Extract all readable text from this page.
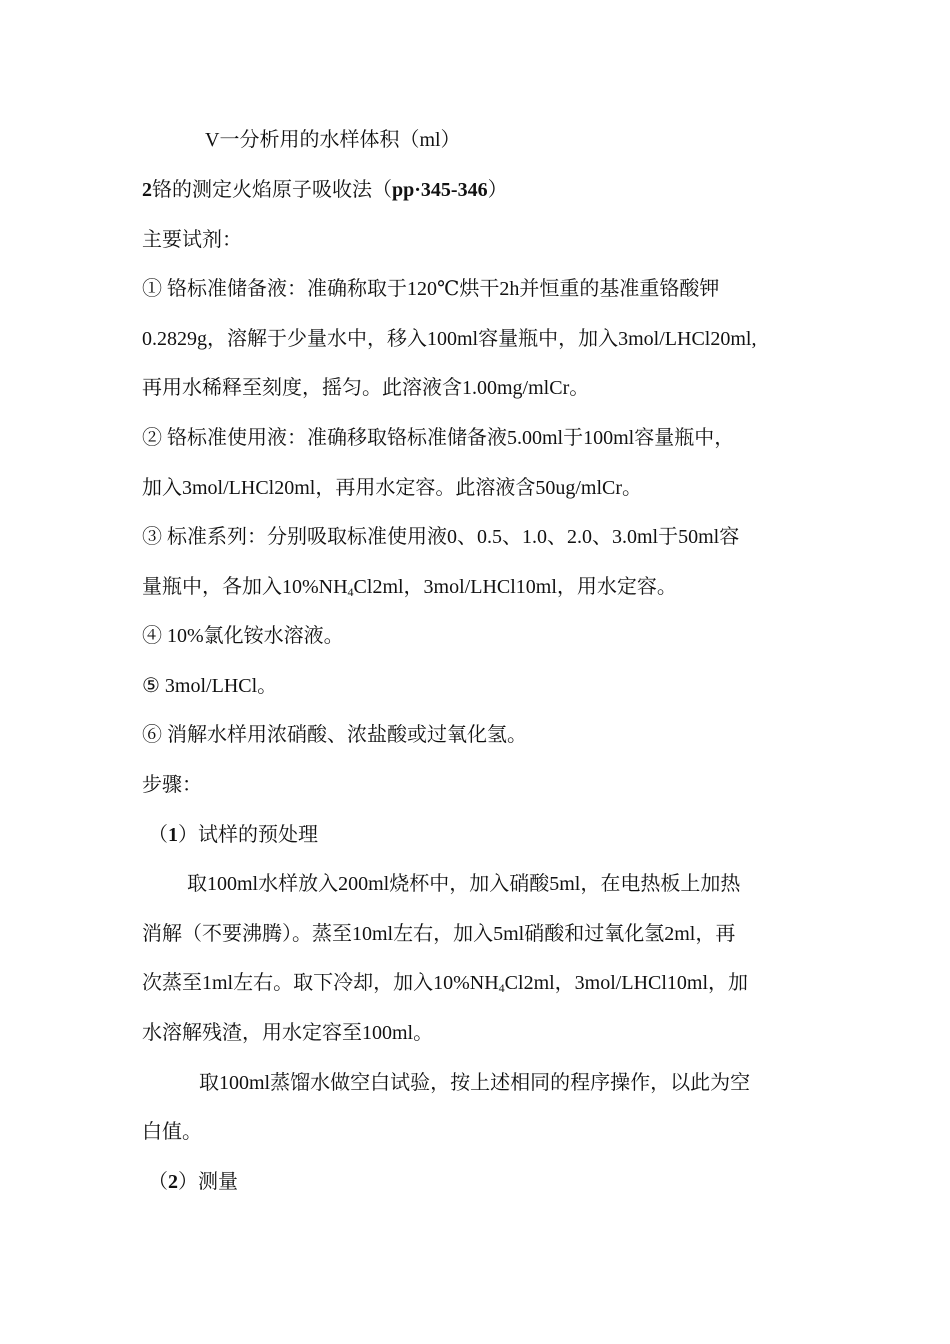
V一分析用的水样体积（ml）
2铬的测定火焰原子吸收法（pp·345-346）
主要试剂：
① 铬标准储备液：准确称取于120℃烘干2h并恒重的基准重铬酸钾
0.2829g，溶解于少量水中，移入100ml容量瓶中，加入3mol/LHCl20ml,
再用水稀释至刻度，摇匀。此溶液含1.00mg/mlCr。
② 铬标准使用液：准确移取铬标准储备液5.00ml于100ml容量瓶中，
加入3mol/LHCl20ml，再用水定容。此溶液含50ug/mlCr。
③ 标准系列：分别吸取标准使用液0、0.5、1.0、2.0、3.0ml于50ml容
量瓶中，各加入$10\%NH_4Cl2ml$，3mol/LHCl10ml，用水定容。
④ 10%氯化铵水溶液。
⑤ 3mol/LHCl。
⑥ 消解水样用浓硝酸、浓盐酸或过氧化氢。
步骤：
（1）试样的预处理
取100ml水样放入200ml烧杯中，加入硝酸5ml，在电热板上加热
消解（不要沸腾）。蒸至10ml左右，加入5ml硝酸和过氧化氢2ml，再
次蒸至1ml左右。取下冷却，加入$10\%NH_4Cl2ml$，3mol/LHCl10ml，加
水溶解残渣，用水定容至100ml。
取100ml蒸馏水做空白试验，按上述相同的程序操作，以此为空
白值。
（2）测量
